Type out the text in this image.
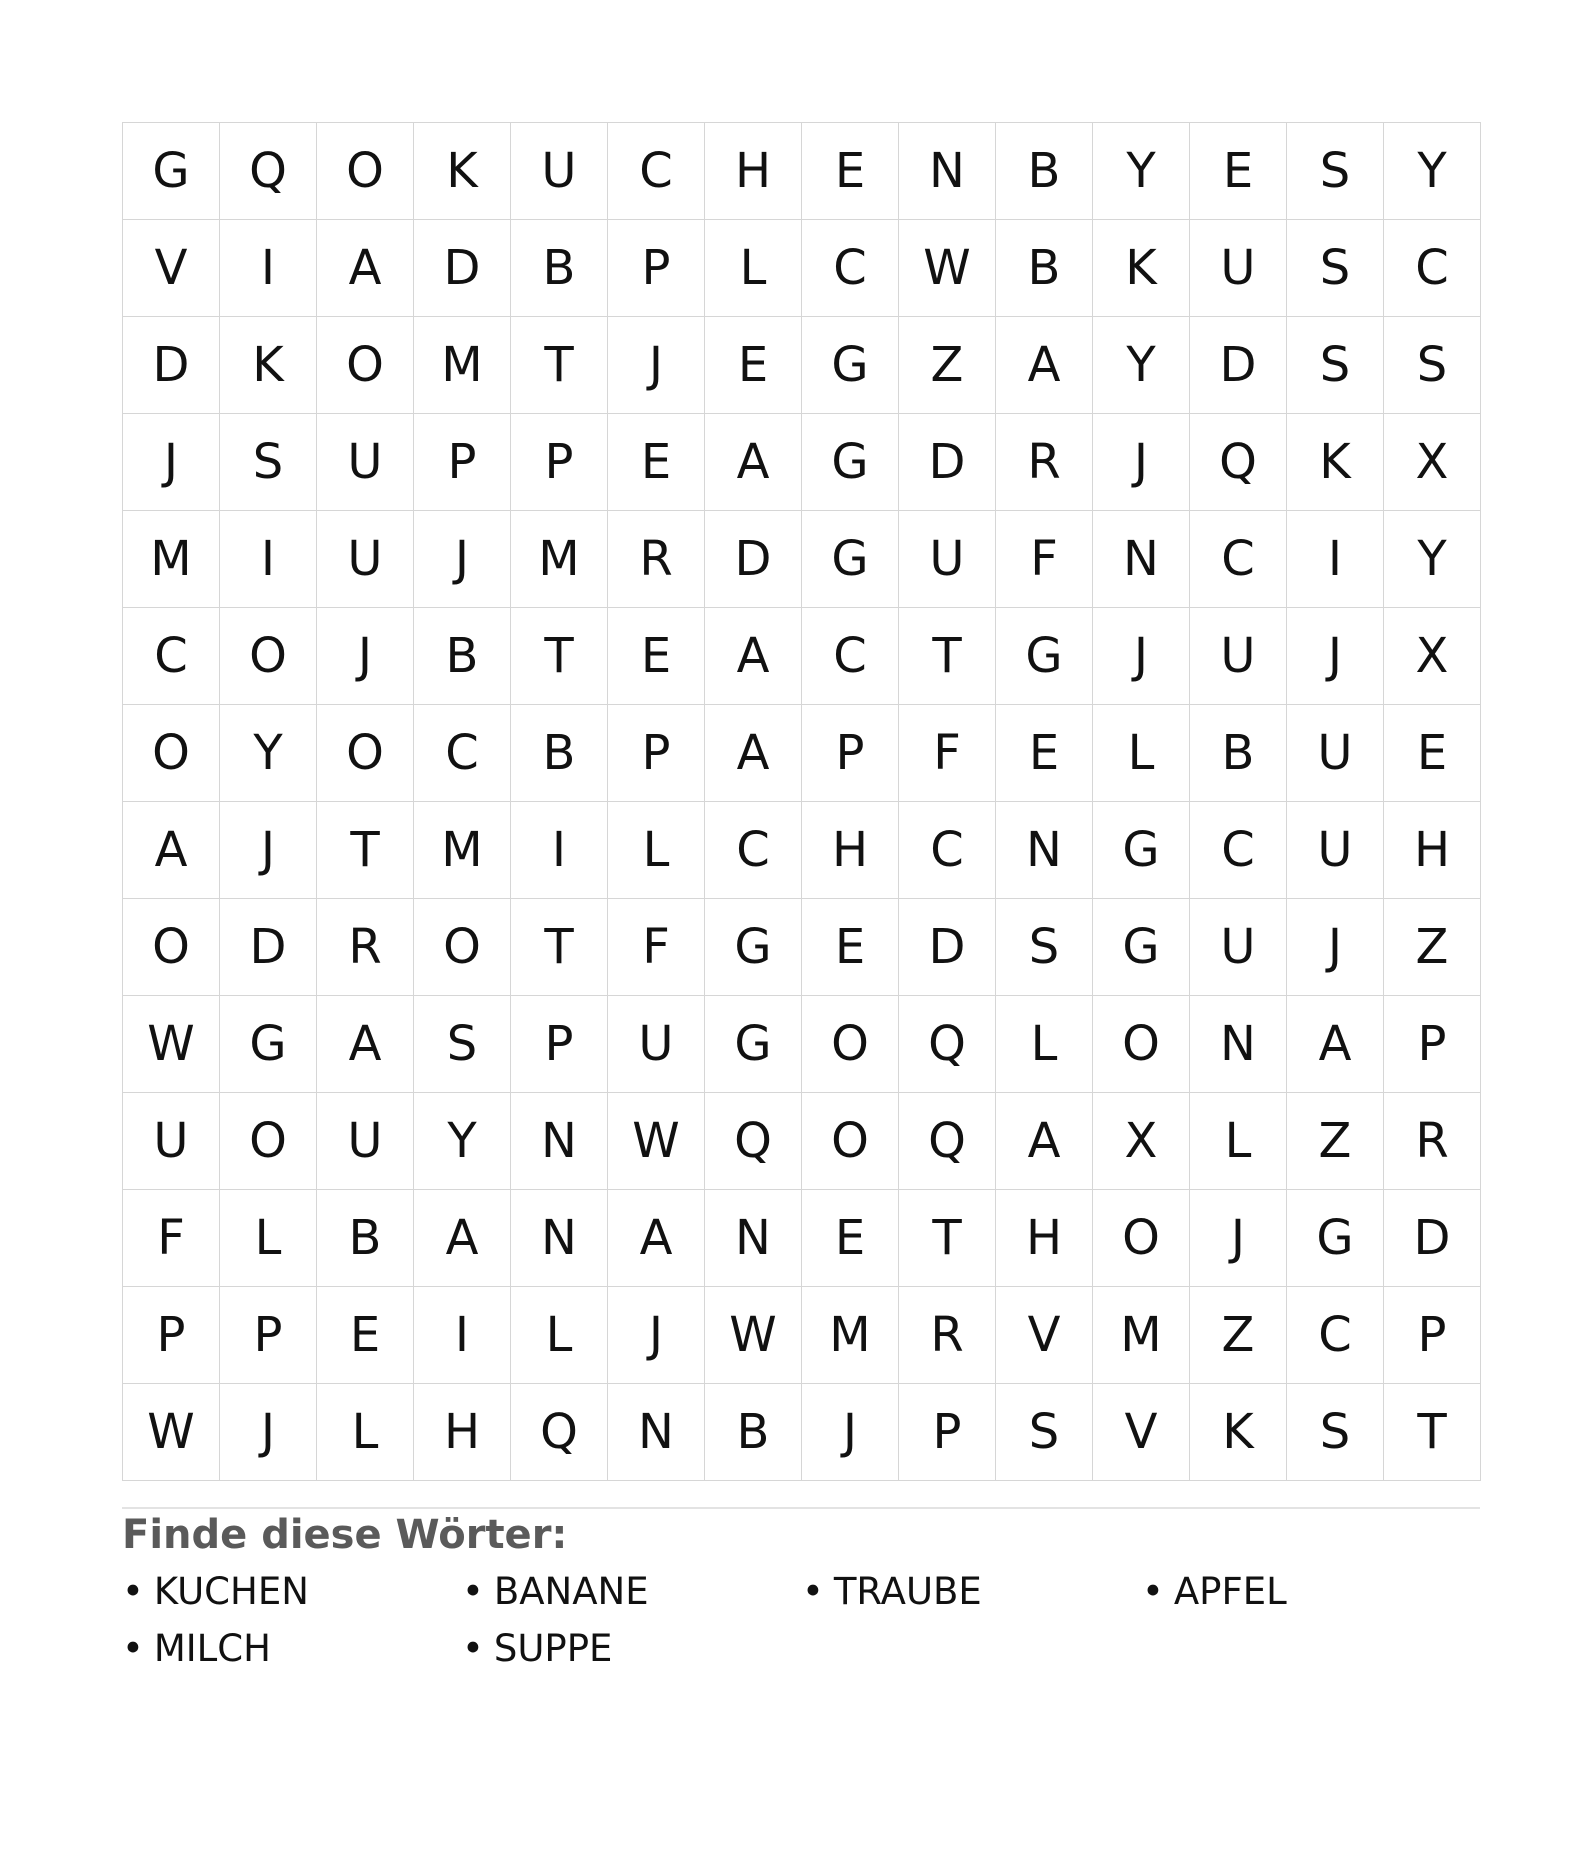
G	Q	O	K	U	C	H	E	N	B	Y	E	S	Y
V	I	A	D	B	P	L	C	W	B	K	U	S	C
D	K	O	M	T	J	E	G	Z	A	Y	D	S	S
J	S	U	P	P	E	A	G	D	R	J	Q	K	X
M	I	U	J	M	R	D	G	U	F	N	C	I	Y
C	O	J	B	T	E	A	C	T	G	J	U	J	X
O	Y	O	C	B	P	A	P	F	E	L	B	U	E
A	J	T	M	I	L	C	H	C	N	G	C	U	H
O	D	R	O	T	F	G	E	D	S	G	U	J	Z
W	G	A	S	P	U	G	O	Q	L	O	N	A	P
U	O	U	Y	N	W	Q	O	Q	A	X	L	Z	R
F	L	B	A	N	A	N	E	T	H	O	J	G	D
P	P	E	I	L	J	W	M	R	V	M	Z	C	P
W	J	L	H	Q	N	B	J	P	S	V	K	S	T
Finde diese Wörter:
• KUCHEN	• BANANE	• TRAUBE	• APFEL
• MILCH	• SUPPE
